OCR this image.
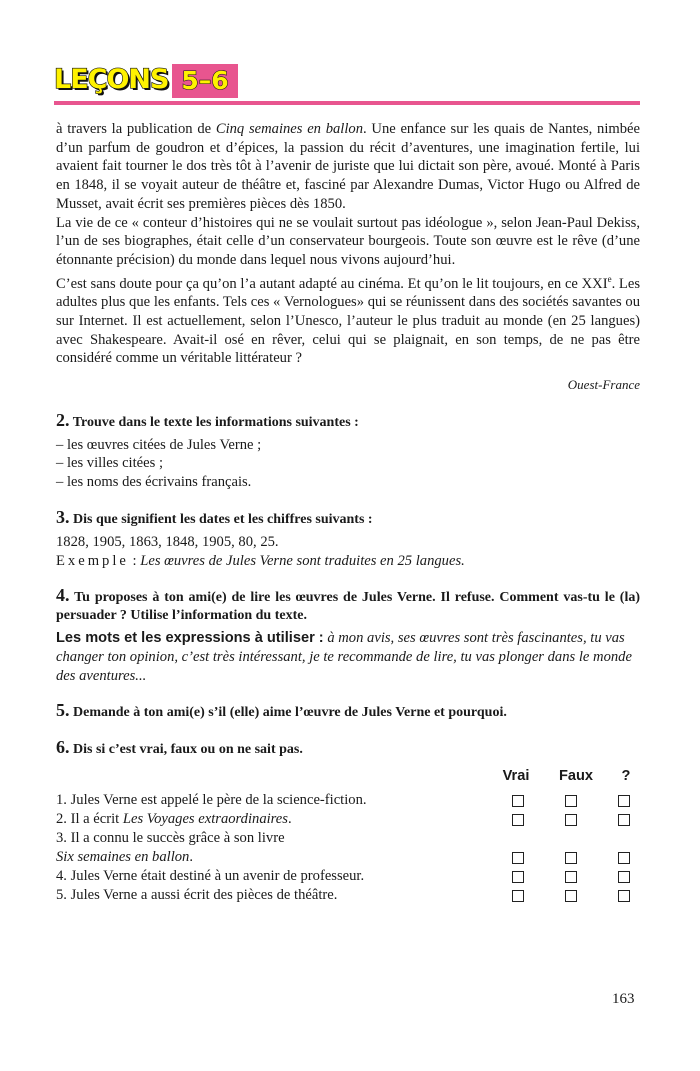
LEÇONS 5–6

à travers la publication de Cinq semaines en ballon. Une enfance sur les quais de Nantes, nimbée d’un parfum de goudron et d’épices, la passion du récit d’aventures, une imagination fertile, lui avaient fait tourner le dos très tôt à l’avenir de juriste que lui dictait son père, avoué. Monté à Paris en 1848, il se voyait auteur de théâtre et, fasciné par Alexandre Dumas, Victor Hugo ou Alfred de Musset, avait écrit ses premières pièces dès 1850.

La vie de ce « conteur d’histoires qui ne se voulait surtout pas idéologue », selon Jean-Paul Dekiss, l’un de ses biographes, était celle d’un conservateur bourgeois. Toute son œuvre est le rêve (d’une étonnante précision) du monde dans lequel nous vivons aujourd’hui.

C’est sans doute pour ça qu’on l’a autant adapté au cinéma. Et qu’on le lit toujours, en ce XXIe. Les adultes plus que les enfants. Tels ces « Vernologues» qui se réunissent dans des sociétés savantes ou sur Internet. Il est actuellement, selon l’Unesco, l’auteur le plus traduit au monde (en 25 langues) avec Shakespeare. Avait-il osé en rêver, celui qui se plaignait, en son temps, de ne pas être considéré comme un véritable littérateur ?

Ouest-France

2. Trouve dans le texte les informations suivantes :

– les œuvres citées de Jules Verne ;

– les villes citées ;

– les noms des écrivains français.

3. Dis que signifient les dates et les chiffres suivants :

1828, 1905, 1863, 1848, 1905, 80, 25.

Exemple : Les œuvres de Jules Verne sont traduites en 25 langues.

4. Tu proposes à ton ami(e) de lire les œuvres de Jules Verne. Il refuse. Comment vas-tu le (la) persuader ? Utilise l’information du texte.

Les mots et les expressions à utiliser : à mon avis, ses œuvres sont très fascinantes, tu vas changer ton opinion, c’est très intéressant, je te recommande de lire, tu vas plonger dans le monde des aventures...

5. Demande à ton ami(e) s’il (elle) aime l’œuvre de Jules Verne et pourquoi.

6. Dis si c’est vrai, faux ou on ne sait pas.

Vrai	Faux	?
1. Jules Verne est appelé le père de la science-fiction.
2. Il a écrit Les Voyages extraordinaires.
3. Il a connu le succès grâce à son livre
Six semaines en ballon.
4. Jules Verne était destiné à un avenir de professeur.
5. Jules Verne a aussi écrit des pièces de théâtre.
163
